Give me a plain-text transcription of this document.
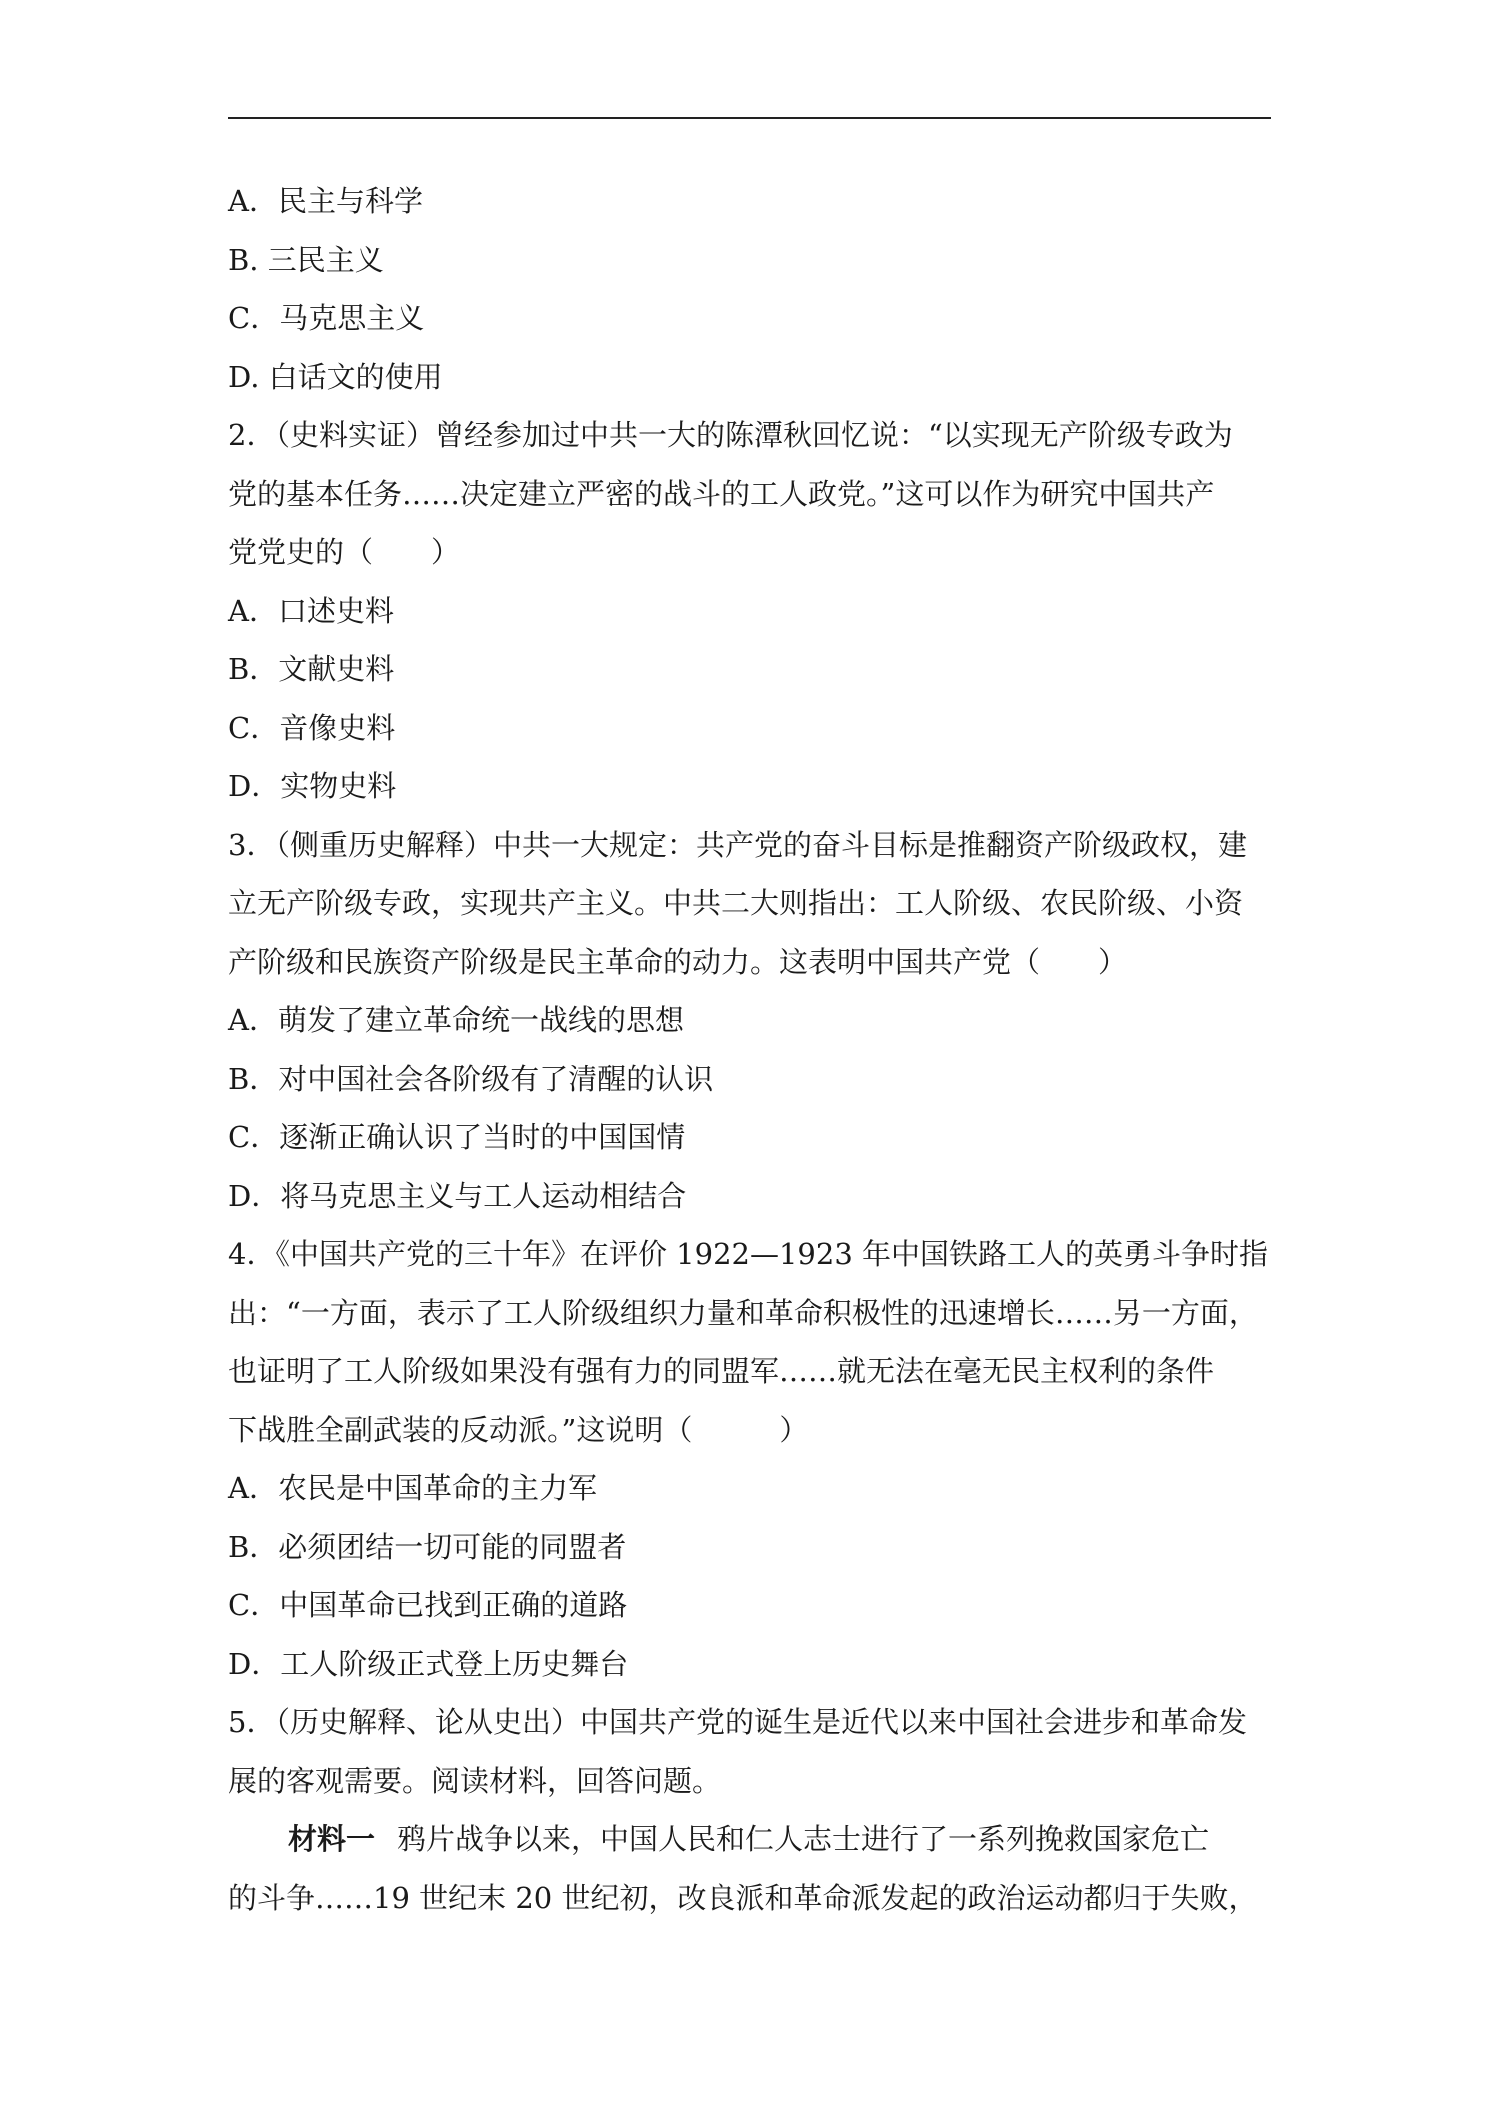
A．民主与科学
B. 三民主义
C．马克思主义
D. 白话文的使用
2．（史料实证）曾经参加过中共一大的陈潭秋回忆说：“以实现无产阶级专政为
党的基本任务……决定建立严密的战斗的工人政党。”这可以作为研究中国共产
党党史的（　　）
A．口述史料
B．文献史料
C．音像史料
D．实物史料
3．（侧重历史解释）中共一大规定：共产党的奋斗目标是推翻资产阶级政权，建
立无产阶级专政，实现共产主义。中共二大则指出：工人阶级、农民阶级、小资
产阶级和民族资产阶级是民主革命的动力。这表明中国共产党（　　）
A．萌发了建立革命统一战线的思想
B．对中国社会各阶级有了清醒的认识
C．逐渐正确认识了当时的中国国情
D．将马克思主义与工人运动相结合
4．《中国共产党的三十年》在评价 1922—1923 年中国铁路工人的英勇斗争时指
出：“一方面，表示了工人阶级组织力量和革命积极性的迅速增长……另一方面，
也证明了工人阶级如果没有强有力的同盟军……就无法在毫无民主权利的条件
下战胜全副武装的反动派。”这说明（　　　）
A．农民是中国革命的主力军
B．必须团结一切可能的同盟者
C．中国革命已找到正确的道路
D．工人阶级正式登上历史舞台
5．（历史解释、论从史出）中国共产党的诞生是近代以来中国社会进步和革命发
展的客观需要。阅读材料，回答问题。
材料一 鸦片战争以来，中国人民和仁人志士进行了一系列挽救国家危亡
的斗争……19 世纪末 20 世纪初，改良派和革命派发起的政治运动都归于失败，
